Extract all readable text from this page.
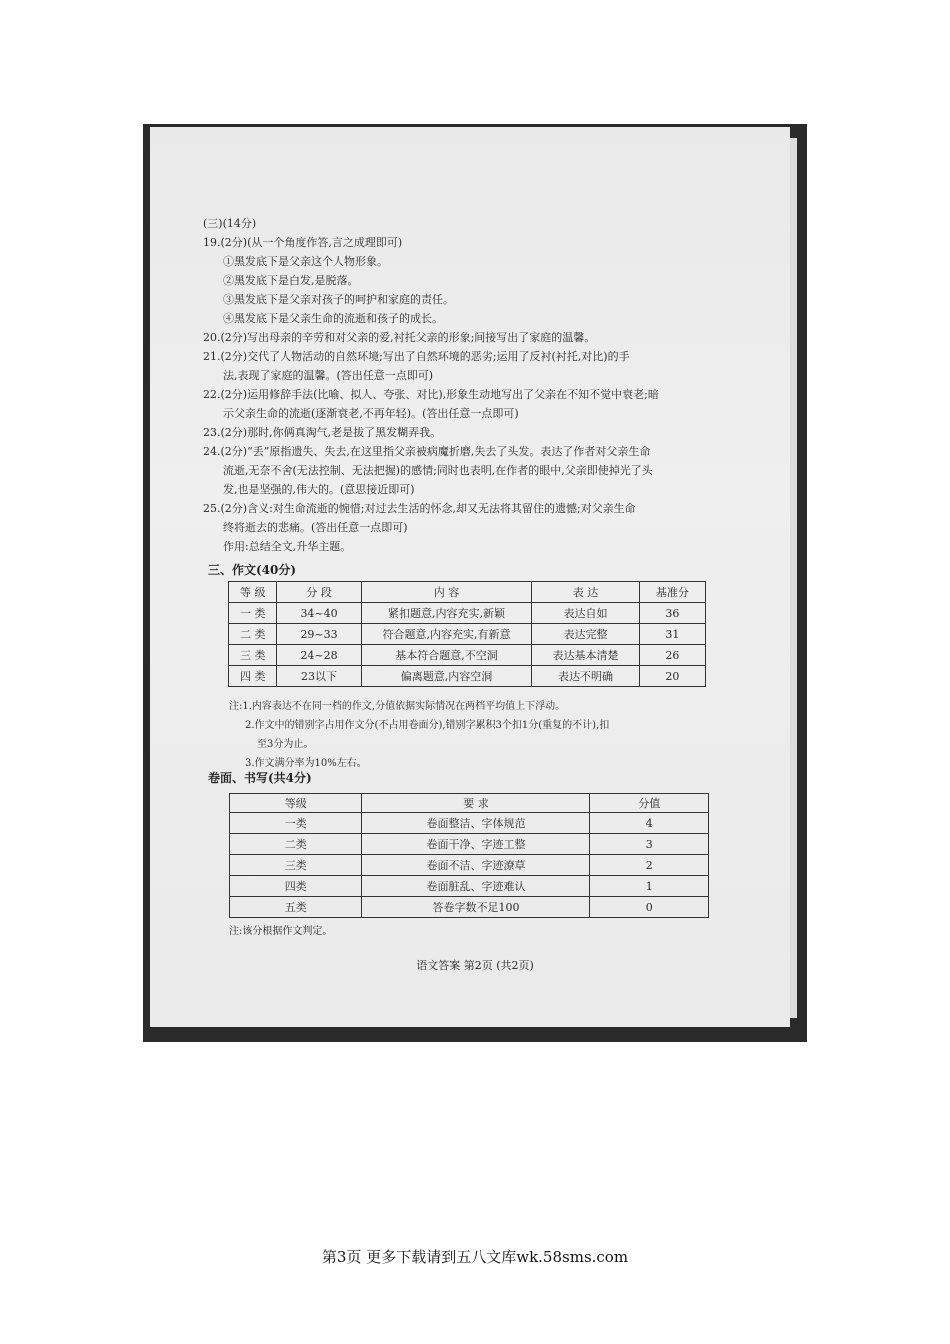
(三)(14分)
19.(2分)(从一个角度作答,言之成理即可)
①黑发底下是父亲这个人物形象。
②黑发底下是白发,是脱落。
③黑发底下是父亲对孩子的呵护和家庭的责任。
④黑发底下是父亲生命的流逝和孩子的成长。
20.(2分)写出母亲的辛劳和对父亲的爱,衬托父亲的形象;间接写出了家庭的温馨。
21.(2分)交代了人物活动的自然环境;写出了自然环境的恶劣;运用了反衬(衬托,对比)的手
法,表现了家庭的温馨。(答出任意一点即可)
22.(2分)运用修辞手法(比喻、拟人、夸张、对比),形象生动地写出了父亲在不知不觉中衰老;暗
示父亲生命的流逝(逐渐衰老,不再年轻)。(答出任意一点即可)
23.(2分)那时,你俩真淘气,老是拔了黑发糊弄我。
24.(2分)“丢”原指遗失、失去,在这里指父亲被病魔折磨,失去了头发。表达了作者对父亲生命
流逝,无奈不舍(无法控制、无法把握)的感情;同时也表明,在作者的眼中,父亲即使掉光了头
发,也是坚强的,伟大的。(意思接近即可)
25.(2分)含义:对生命流逝的惋惜;对过去生活的怀念,却又无法将其留住的遗憾;对父亲生命
终将逝去的悲痛。(答出任意一点即可)
作用:总结全文,升华主题。
三、作文(40分)
等 级	分 段	内 容	表 达	基准分
一 类	34~40	紧扣题意,内容充实,新颖	表达自如	36
二 类	29~33	符合题意,内容充实,有新意	表达完整	31
三 类	24~28	基本符合题意,不空洞	表达基本清楚	26
四 类	23以下	偏离题意,内容空洞	表达不明确	20
注:1.内容表达不在同一档的作文,分值依据实际情况在两档平均值上下浮动。
2.作文中的错别字占用作文分(不占用卷面分),错别字累积3个扣1分(重复的不计),扣
至3分为止。
3.作文满分率为10%左右。
卷面、书写(共4分)
等级	要 求	分值
一类	卷面整洁、字体规范	4
二类	卷面干净、字迹工整	3
三类	卷面不洁、字迹潦草	2
四类	卷面脏乱、字迹难认	1
五类	答卷字数不足100	0
注:该分根据作文判定。
语文答案 第2页 (共2页)
第3页 更多下载请到五八文库wk.58sms.com
